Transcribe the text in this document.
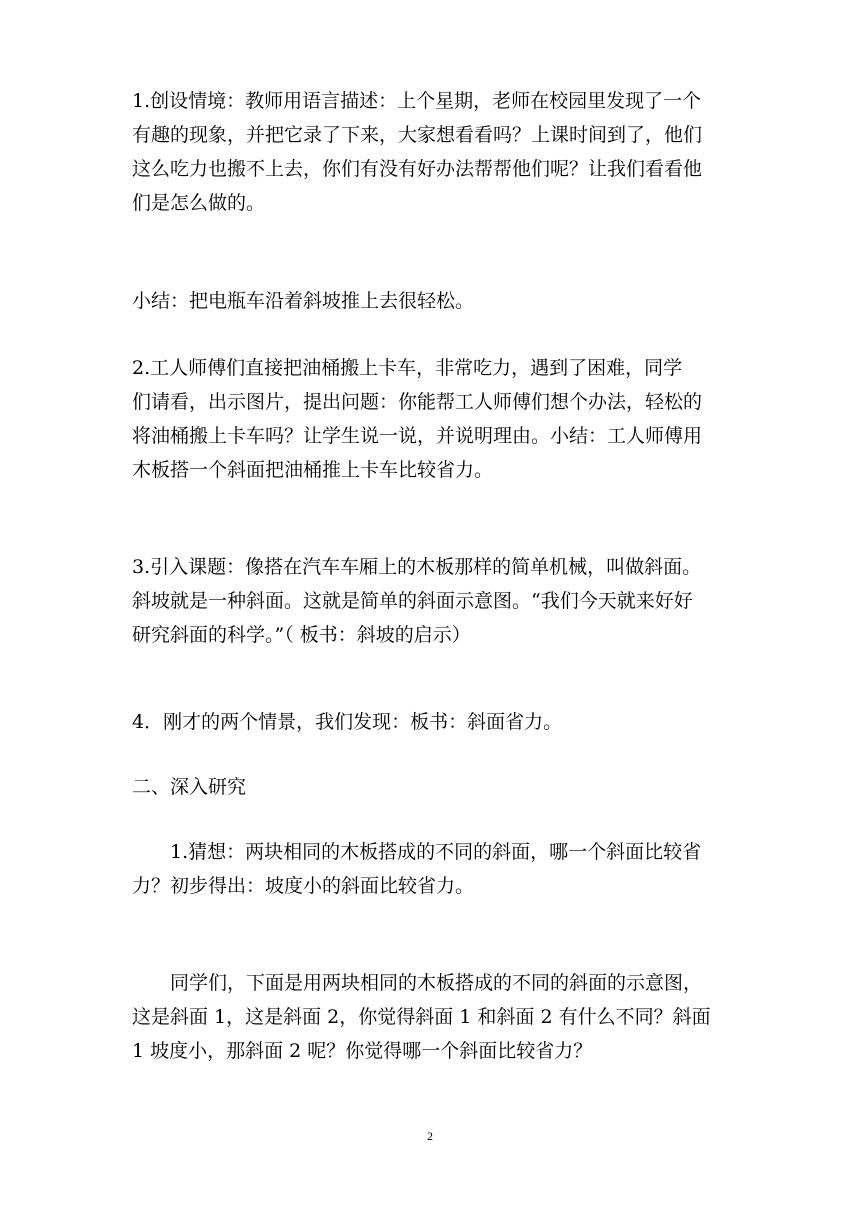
1.创设情境：教师用语言描述：上个星期，老师在校园里发现了一个
有趣的现象，并把它录了下来，大家想看看吗？上课时间到了，他们
这么吃力也搬不上去，你们有没有好办法帮帮他们呢？让我们看看他
们是怎么做的。
小结：把电瓶车沿着斜坡推上去很轻松。
2.工人师傅们直接把油桶搬上卡车，非常吃力，遇到了困难，同学
们请看，出示图片，提出问题：你能帮工人师傅们想个办法，轻松的
将油桶搬上卡车吗？让学生说一说，并说明理由。小结：工人师傅用
木板搭一个斜面把油桶推上卡车比较省力。
3.引入课题：像搭在汽车车厢上的木板那样的简单机械，叫做斜面。
斜坡就是一种斜面。这就是简单的斜面示意图。“我们今天就来好好
研究斜面的科学。”（ 板书：斜坡的启示）
4．刚才的两个情景，我们发现：板书：斜面省力。
二、深入研究
　　1.猜想：两块相同的木板搭成的不同的斜面，哪一个斜面比较省
力？初步得出：坡度小的斜面比较省力。
　　同学们，下面是用两块相同的木板搭成的不同的斜面的示意图，
这是斜面 1，这是斜面 2，你觉得斜面 1 和斜面 2 有什么不同？斜面
1 坡度小，那斜面 2 呢？你觉得哪一个斜面比较省力？
2
